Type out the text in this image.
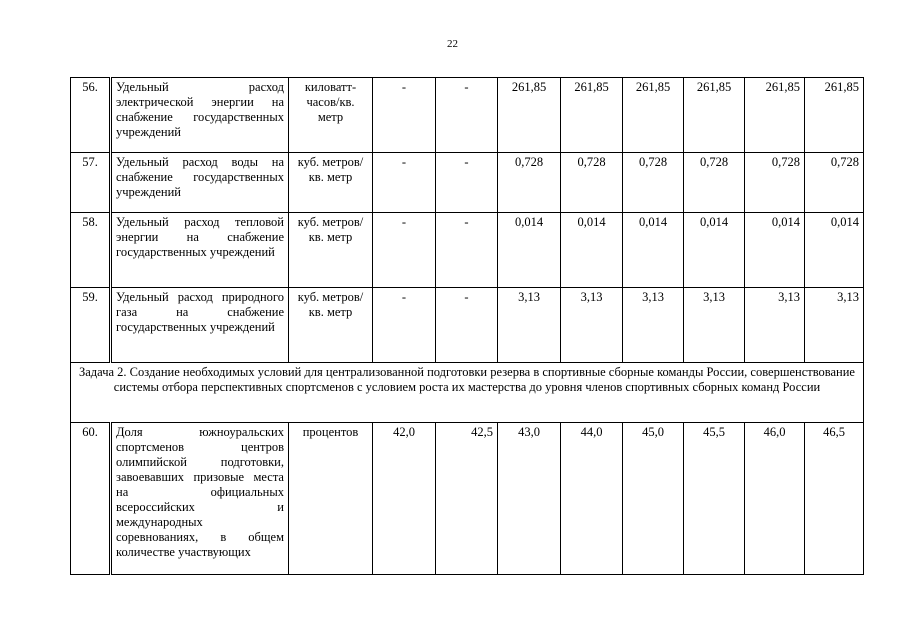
22
56.	Удельный расход электрической энергии на снабжение государственных учреждений	киловатт-часов/кв. метр	-	-	261,85	261,85	261,85	261,85	261,85	261,85
57.	Удельный расход воды на снабжение государственных учреждений	куб. метров/ кв. метр	-	-	0,728	0,728	0,728	0,728	0,728	0,728
58.	Удельный расход тепловой энергии на снабжение государственных учреждений	куб. метров/ кв. метр	-	-	0,014	0,014	0,014	0,014	0,014	0,014
59.	Удельный расход природного газа на снабжение государственных учреждений	куб. метров/ кв. метр	-	-	3,13	3,13	3,13	3,13	3,13	3,13
Задача 2. Создание необходимых условий для централизованной подготовки резерва в спортивные сборные команды России, совершенствование системы отбора перспективных спортсменов с условием роста их мастерства до уровня членов спортивных сборных команд России										
60.	Доля южноуральских спортсменов центров олимпийской подготовки, завоевавших призовые места на официальных всероссийских и международных соревнованиях, в общем количестве участвующих	процентов	42,0	42,5	43,0	44,0	45,0	45,5	46,0	46,5
